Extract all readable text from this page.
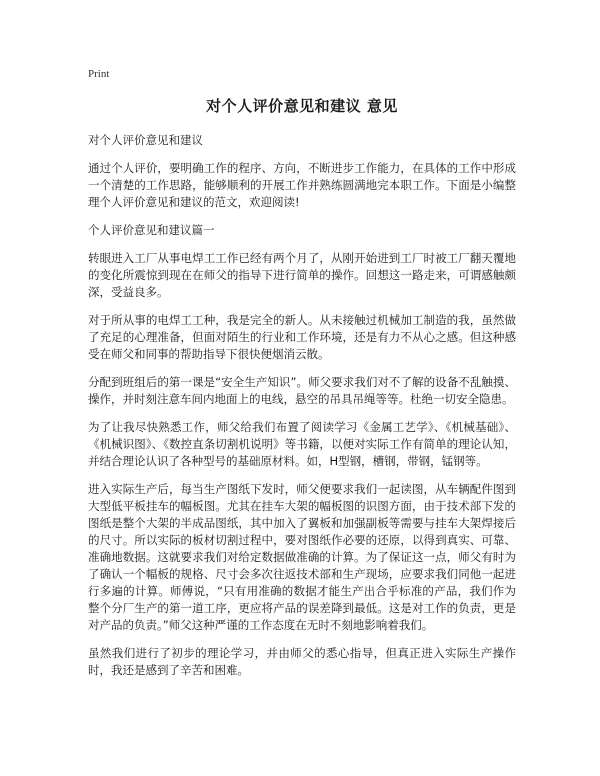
Print
对个人评价意见和建议 意见
对个人评价意见和建议

通过个人评价，要明确工作的程序、方向，不断进步工作能力，在具体的工作中形成一个清楚的工作思路，能够顺利的开展工作并熟练圆满地完本职工作。下面是小编整理个人评价意见和建议的范文，欢迎阅读!

个人评价意见和建议篇一

转眼进入工厂从事电焊工工作已经有两个月了，从刚开始进到工厂时被工厂翻天覆地的变化所震惊到现在在师父的指导下进行简单的操作。回想这一路走来，可谓感触颇深，受益良多。

对于所从事的电焊工工种，我是完全的新人。从未接触过机械加工制造的我，虽然做了充足的心理准备，但面对陌生的行业和工作环境，还是有力不从心之感。但这种感受在师父和同事的帮助指导下很快便烟消云散。

分配到班组后的第一课是“安全生产知识”。师父要求我们对不了解的设备不乱触摸、操作，并时刻注意车间内地面上的电线，悬空的吊具吊绳等等。杜绝一切安全隐患。

为了让我尽快熟悉工作，师父给我们布置了阅读学习《金属工艺学》、《机械基础》、《机械识图》、《数控直条切割机说明》等书籍，以便对实际工作有简单的理论认知，并结合理论认识了各种型号的基础原材料。如，H型钢，槽钢，带钢，锰钢等。

进入实际生产后，每当生产图纸下发时，师父便要求我们一起读图，从车辆配件图到大型低平板挂车的幅板图。尤其在挂车大架的幅板图的识图方面，由于技术部下发的图纸是整个大架的半成品图纸，其中加入了翼板和加强副板等需要与挂车大架焊接后的尺寸。所以实际的板材切割过程中，要对图纸作必要的还原，以得到真实、可靠、准确地数据。这就要求我们对给定数据做准确的计算。为了保证这一点，师父有时为了确认一个幅板的规格、尺寸会多次往返技术部和生产现场，应要求我们同他一起进行多遍的计算。师傅说，“只有用准确的数据才能生产出合乎标准的产品，我们作为整个分厂生产的第一道工序，更应将产品的误差降到最低。这是对工作的负责，更是对产品的负责。”师父这种严谨的工作态度在无时不刻地影响着我们。

虽然我们进行了初步的理论学习，并由师父的悉心指导，但真正进入实际生产操作时，我还是感到了辛苦和困难。
